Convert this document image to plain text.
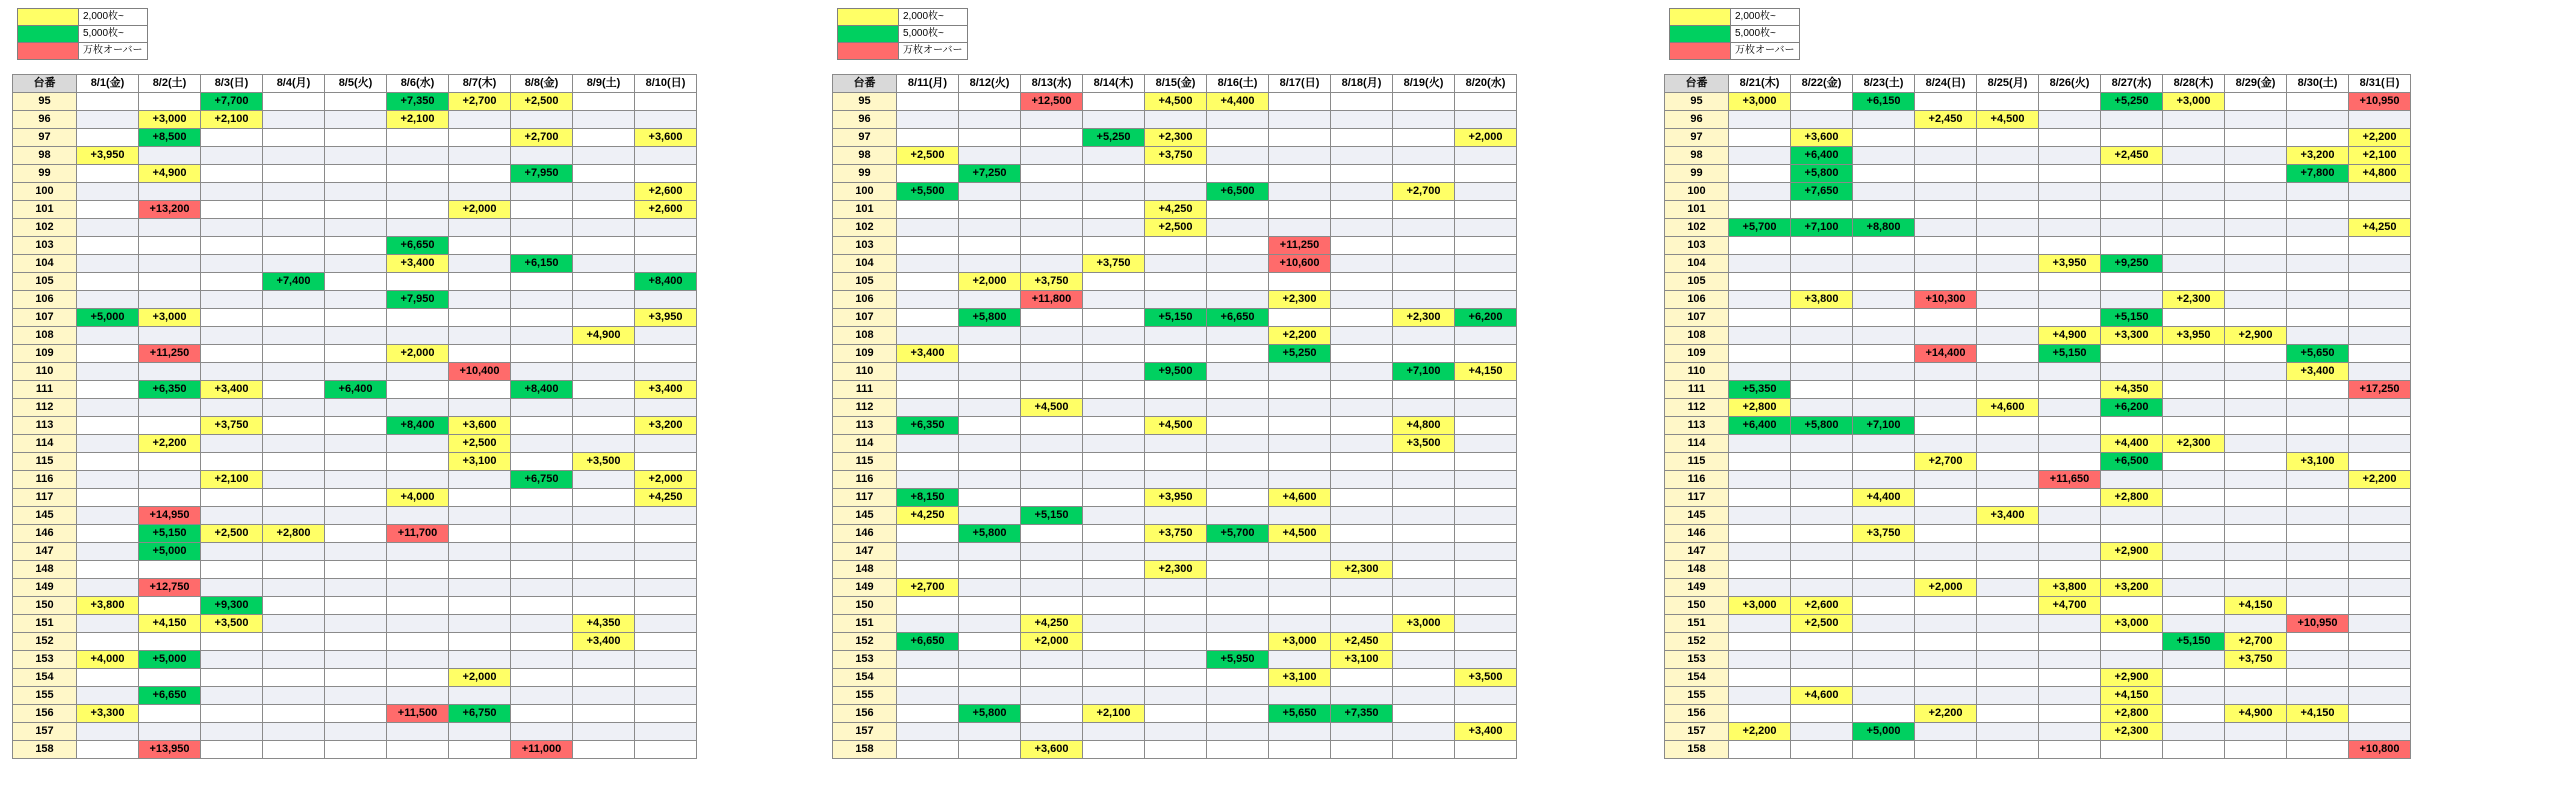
	2,000枚~
	5,000枚~
	万枚オーバー
台番	8/1(金)	8/2(土)	8/3(日)	8/4(月)	8/5(火)	8/6(水)	8/7(木)	8/8(金)	8/9(土)	8/10(日)
95			+7,700			+7,350	+2,700	+2,500		
96		+3,000	+2,100			+2,100				
97		+8,500						+2,700		+3,600
98	+3,950									
99		+4,900						+7,950		
100										+2,600
101		+13,200					+2,000			+2,600
102										
103						+6,650				
104						+3,400		+6,150		
105				+7,400						+8,400
106						+7,950				
107	+5,000	+3,000								+3,950
108									+4,900	
109		+11,250				+2,000				
110							+10,400			
111		+6,350	+3,400		+6,400			+8,400		+3,400
112										
113			+3,750			+8,400	+3,600			+3,200
114		+2,200					+2,500			
115							+3,100		+3,500	
116			+2,100					+6,750		+2,000
117						+4,000				+4,250
145		+14,950								
146		+5,150	+2,500	+2,800		+11,700				
147		+5,000								
148										
149		+12,750								
150	+3,800		+9,300							
151		+4,150	+3,500						+4,350	
152									+3,400	
153	+4,000	+5,000								
154							+2,000			
155		+6,650								
156	+3,300					+11,500	+6,750			
157										
158		+13,950						+11,000		
	2,000枚~
	5,000枚~
	万枚オーバー
台番	8/11(月)	8/12(火)	8/13(水)	8/14(木)	8/15(金)	8/16(土)	8/17(日)	8/18(月)	8/19(火)	8/20(水)
95			+12,500		+4,500	+4,400				
96										
97				+5,250	+2,300					+2,000
98	+2,500				+3,750					
99		+7,250								
100	+5,500					+6,500			+2,700	
101					+4,250					
102					+2,500					
103							+11,250			
104				+3,750			+10,600			
105		+2,000	+3,750							
106			+11,800				+2,300			
107		+5,800			+5,150	+6,650			+2,300	+6,200
108							+2,200			
109	+3,400						+5,250			
110					+9,500				+7,100	+4,150
111										
112			+4,500							
113	+6,350				+4,500				+4,800	
114									+3,500	
115										
116										
117	+8,150				+3,950		+4,600			
145	+4,250		+5,150							
146		+5,800			+3,750	+5,700	+4,500			
147										
148					+2,300			+2,300		
149	+2,700									
150										
151			+4,250						+3,000	
152	+6,650		+2,000				+3,000	+2,450		
153						+5,950		+3,100		
154							+3,100			+3,500
155										
156		+5,800		+2,100			+5,650	+7,350		
157										+3,400
158			+3,600							
	2,000枚~
	5,000枚~
	万枚オーバー
台番	8/21(木)	8/22(金)	8/23(土)	8/24(日)	8/25(月)	8/26(火)	8/27(水)	8/28(木)	8/29(金)	8/30(土)	8/31(日)
95	+3,000		+6,150				+5,250	+3,000			+10,950
96				+2,450	+4,500						
97		+3,600									+2,200
98		+6,400					+2,450			+3,200	+2,100
99		+5,800								+7,800	+4,800
100		+7,650									
101											
102	+5,700	+7,100	+8,800								+4,250
103											
104						+3,950	+9,250				
105											
106		+3,800		+10,300				+2,300			
107							+5,150				
108						+4,900	+3,300	+3,950	+2,900		
109				+14,400		+5,150				+5,650	
110										+3,400	
111	+5,350						+4,350				+17,250
112	+2,800				+4,600		+6,200				
113	+6,400	+5,800	+7,100								
114							+4,400	+2,300			
115				+2,700			+6,500			+3,100	
116						+11,650					+2,200
117			+4,400				+2,800				
145					+3,400						
146			+3,750								
147							+2,900				
148											
149				+2,000		+3,800	+3,200				
150	+3,000	+2,600				+4,700			+4,150		
151		+2,500					+3,000			+10,950	
152								+5,150	+2,700		
153									+3,750		
154							+2,900				
155		+4,600					+4,150				
156				+2,200			+2,800		+4,900	+4,150	
157	+2,200		+5,000				+2,300				
158											+10,800
